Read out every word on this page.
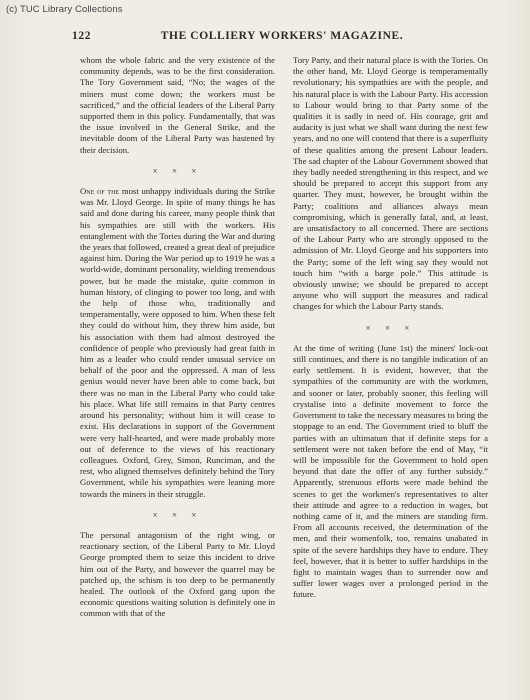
(c) TUC Library Collections
122	THE COLLIERY WORKERS' MAGAZINE.

whom the whole fabric and the very existence of the community depends, was to be the first consideration. The Tory Government said, “No; the wages of the miners must come down; the workers must be sacrificed,” and the official leaders of the Liberal Party supported them in this policy. Fundamentally, that was the issue involved in the General Strike, and the inevitable doom of the Liberal Party was hastened by their decision.

× × ×

One of the most unhappy individuals during the Strike was Mr. Lloyd George. In spite of many things he has said and done during his career, many people think that his sympathies are still with the workers. His entanglement with the Tories during the War and during the years that followed, created a great deal of prejudice against him. During the War period up to 1919 he was a world-wide, dominant personality, wielding tremendous power, but he made the mistake, quite common in human history, of clinging to power too long, and with the help of those who, traditionally and temperamentally, were opposed to him. When these felt they could do without him, they threw him aside, but his association with them had almost destroyed the confidence of people who previously had great faith in him as a leader who could render unusual service on behalf of the poor and the oppressed. A man of less genius would never have been able to come back, but there was no man in the Liberal Party who could take his place. What life still remains in that Party centres around his personality; without him it will cease to exist. His declarations in support of the Government were very half-hearted, and were made probably more out of deference to the views of his reactionary colleagues. Oxford, Grey, Simon, Runciman, and the rest, who aligned themselves definitely behind the Tory Government, while his sympathies were leaning more towards the miners in their struggle.

× × ×

The personal antagonism of the right wing, or reactionary section, of the Liberal Party to Mr. Lloyd George prompted them to seize this incident to drive him out of the Party, and however the quarrel may be patched up, the schism is too deep to be permanently healed. The outlook of the Oxford gang upon the economic questions waiting solution is definitely one in common with that of the

Tory Party, and their natural place is with the Tories. On the other hand, Mr. Lloyd George is temperamentally revolutionary; his sympathies are with the people, and his natural place is with the Labour Party. His accession to Labour would bring to that Party some of the qualities it is sadly in need of. His courage, grit and audacity is just what we shall want during the next few years, and no one will contend that there is a superfluity of these qualities among the present Labour leaders. The sad chapter of the Labour Government showed that they badly needed strengthening in this respect, and we should be prepared to accept this support from any quarter. They must, however, be brought within the Party; coalitions and alliances always mean compromising, which is generally fatal, and, at least, are unsatisfactory to all concerned. There are sections of the Labour Party who are strongly opposed to the admission of Mr. Lloyd George and his supporters into the Party; some of the left wing say they would not touch him “with a barge pole.” This attitude is obviously unwise; we should be prepared to accept anyone who will support the measures and radical changes for which the Labour Party stands.

× × ×

At the time of writing (June 1st) the miners' lock-out still continues, and there is no tangible indication of an early settlement. It is evident, however, that the sympathies of the community are with the workmen, and sooner or later, probably sooner, this feeling will crystalise into a definite movement to force the Government to take the necessary measures to bring the stoppage to an end. The Government tried to bluff the parties with an ultimatum that if definite steps for a settlement were not taken before the end of May, “it will be impossible for the Government to hold open beyond that date the offer of any further subsidy.” Apparently, strenuous efforts were made behind the scenes to get the workmen's representatives to alter their attitude and agree to a reduction in wages, but nothing came of it, and the miners are standing firm. From all accounts received, the determination of the men, and their womenfolk, too, remains unabated in spite of the severe hardships they have to endure. They feel, however, that it is better to suffer hardships in the fight to maintain wages than to surrender now and suffer lower wages over a prolonged period in the future.
